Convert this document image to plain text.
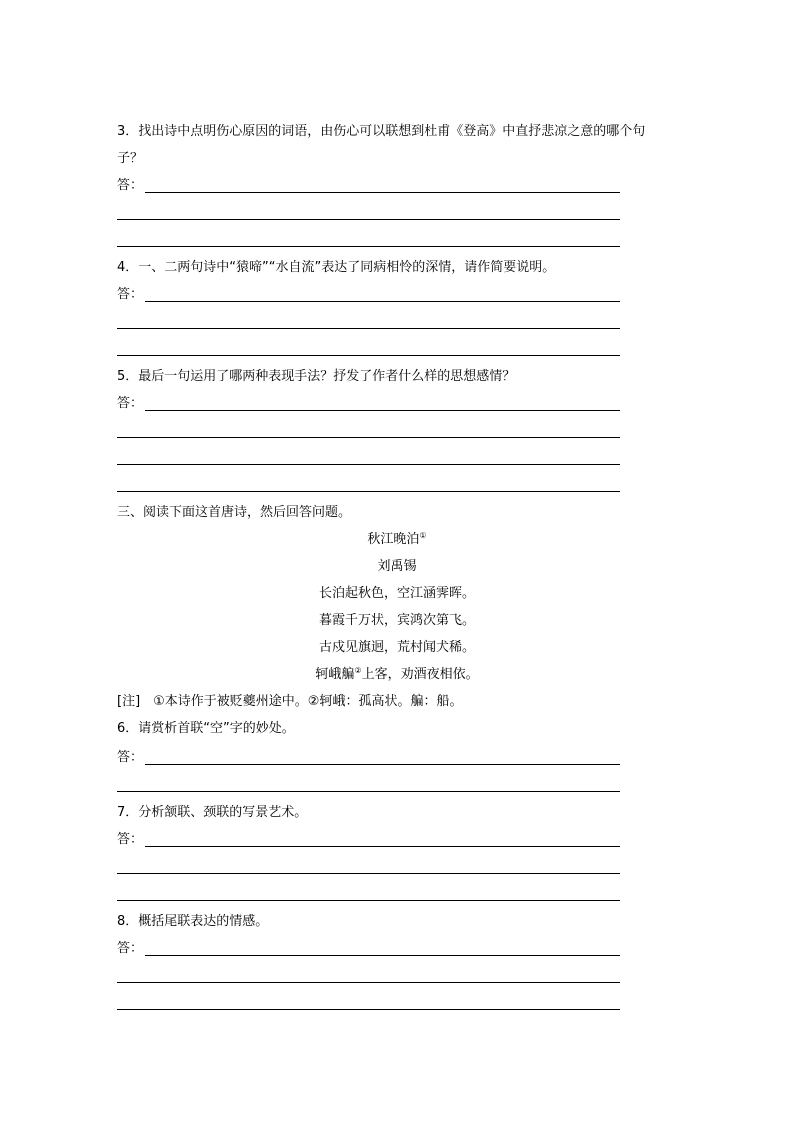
3．找出诗中点明伤心原因的词语，由伤心可以联想到杜甫《登高》中直抒悲凉之意的哪个句
子？
答：
4．一、二两句诗中“猿啼”“水自流”表达了同病相怜的深情，请作简要说明。
答：
5．最后一句运用了哪两种表现手法？抒发了作者什么样的思想感情？
答：
三、阅读下面这首唐诗，然后回答问题。
秋江晚泊①
刘禹锡
长泊起秋色，空江涵霁晖。
暮霞千万状，宾鸿次第飞。
古戍见旗迥，荒村闻犬稀。
轲峨艑②上客，劝酒夜相依。
[注]　①本诗作于被贬夔州途中。②轲峨：孤高状。艑：船。
6．请赏析首联“空”字的妙处。
答：
7．分析颔联、颈联的写景艺术。
答：
8．概括尾联表达的情感。
答：
